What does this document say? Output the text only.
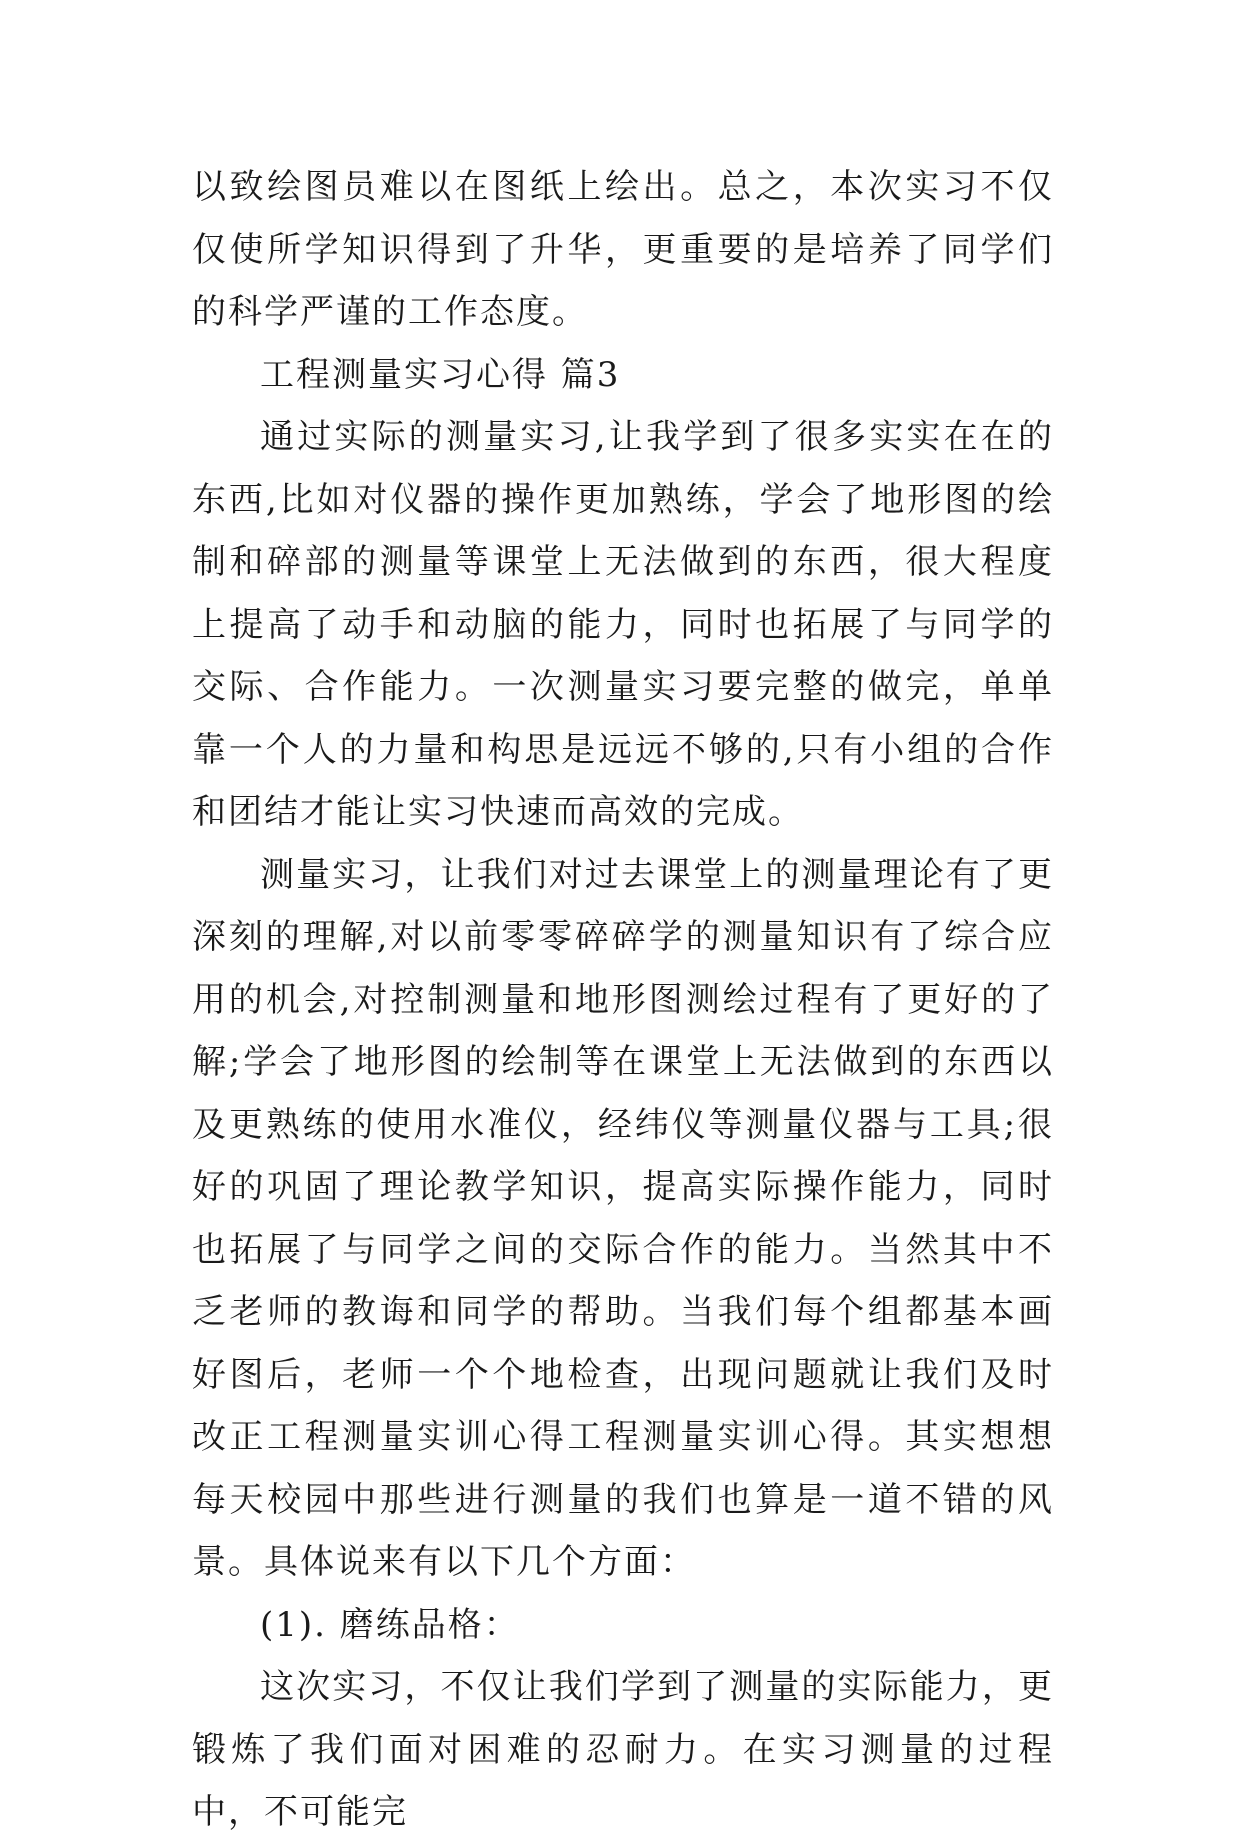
以致绘图员难以在图纸上绘出。总之，本次实习不仅仅使所学知识得到了升华，更重要的是培养了同学们的科学严谨的工作态度。

工程测量实习心得 篇3

通过实际的测量实习,让我学到了很多实实在在的东西,比如对仪器的操作更加熟练，学会了地形图的绘制和碎部的测量等课堂上无法做到的东西，很大程度上提高了动手和动脑的能力，同时也拓展了与同学的交际、合作能力。一次测量实习要完整的做完，单单靠一个人的力量和构思是远远不够的,只有小组的合作和团结才能让实习快速而高效的完成。

测量实习，让我们对过去课堂上的测量理论有了更深刻的理解,对以前零零碎碎学的测量知识有了综合应用的机会,对控制测量和地形图测绘过程有了更好的了解;学会了地形图的绘制等在课堂上无法做到的东西以及更熟练的使用水准仪，经纬仪等测量仪器与工具;很好的巩固了理论教学知识，提高实际操作能力，同时也拓展了与同学之间的交际合作的能力。当然其中不乏老师的教诲和同学的帮助。当我们每个组都基本画好图后，老师一个个地检查，出现问题就让我们及时改正工程测量实训心得工程测量实训心得。其实想想每天校园中那些进行测量的我们也算是一道不错的风景。具体说来有以下几个方面：

(1). 磨练品格：

这次实习，不仅让我们学到了测量的实际能力，更锻炼了我们面对困难的忍耐力。在实习测量的过程中，不可能完
